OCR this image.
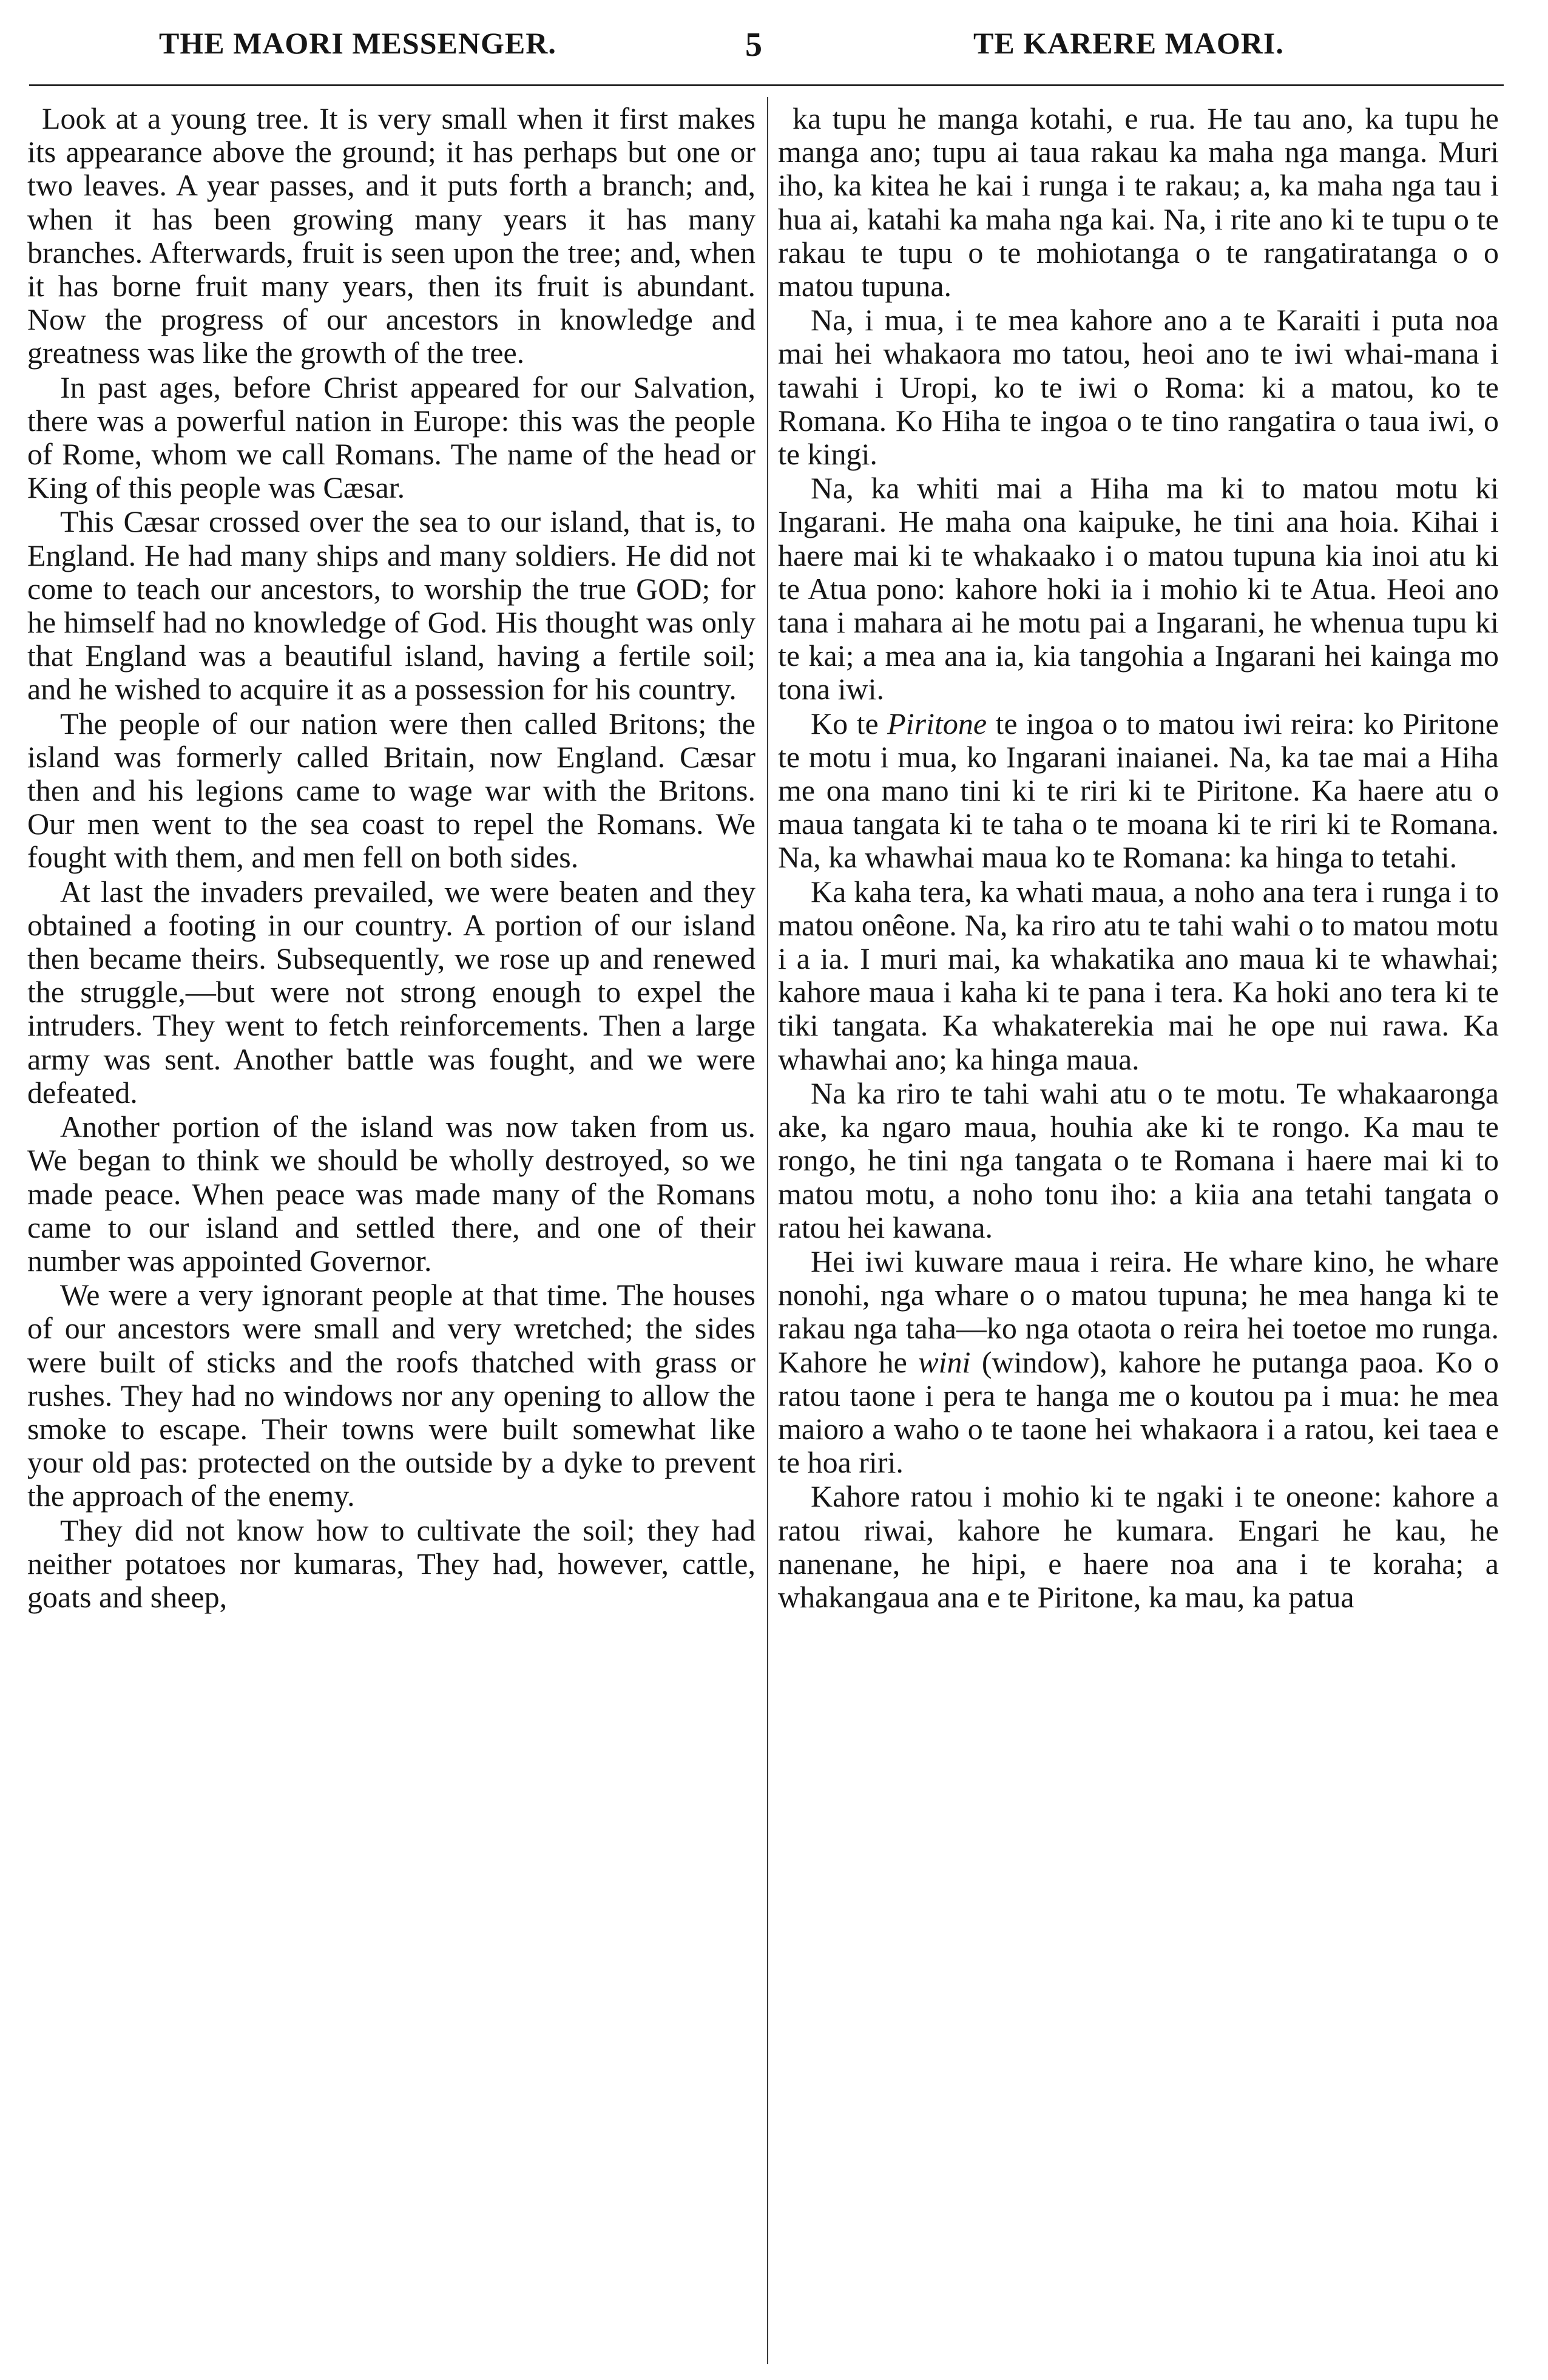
THE MAORI MESSENGER.	5	TE KARERE MAORI.

Look at a young tree. It is very small when it first makes its appearance above the ground; it has perhaps but one or two leaves. A year passes, and it puts forth a branch; and, when it has been growing many years it has many branches. Afterwards, fruit is seen upon the tree; and, when it has borne fruit many years, then its fruit is abundant. Now the progress of our ancestors in knowledge and greatness was like the growth of the tree.

In past ages, before Christ appeared for our Salvation, there was a powerful nation in Europe: this was the people of Rome, whom we call Romans. The name of the head or King of this people was Cæsar.

This Cæsar crossed over the sea to our island, that is, to England. He had many ships and many soldiers. He did not come to teach our ancestors, to worship the true GOD; for he himself had no knowledge of God. His thought was only that England was a beautiful island, having a fertile soil; and he wished to acquire it as a possession for his country.

The people of our nation were then called Britons; the island was formerly called Britain, now England. Cæsar then and his legions came to wage war with the Britons. Our men went to the sea coast to repel the Romans. We fought with them, and men fell on both sides.

At last the invaders prevailed, we were beaten and they obtained a footing in our country. A portion of our island then became theirs. Subsequently, we rose up and renewed the struggle,—but were not strong enough to expel the intruders. They went to fetch reinforcements. Then a large army was sent. Another battle was fought, and we were defeated.

Another portion of the island was now taken from us. We began to think we should be wholly destroyed, so we made peace. When peace was made many of the Romans came to our island and settled there, and one of their number was appointed Governor.

We were a very ignorant people at that time. The houses of our ancestors were small and very wretched; the sides were built of sticks and the roofs thatched with grass or rushes. They had no windows nor any opening to allow the smoke to escape. Their towns were built somewhat like your old pas: protected on the outside by a dyke to prevent the approach of the enemy.

They did not know how to cultivate the soil; they had neither potatoes nor kumaras, They had, however, cattle, goats and sheep,

ka tupu he manga kotahi, e rua. He tau ano, ka tupu he manga ano; tupu ai taua rakau ka maha nga manga. Muri iho, ka kitea he kai i runga i te rakau; a, ka maha nga tau i hua ai, katahi ka maha nga kai. Na, i rite ano ki te tupu o te rakau te tupu o te mohiotanga o te rangatiratanga o o matou tupuna.

Na, i mua, i te mea kahore ano a te Karaiti i puta noa mai hei whakaora mo tatou, heoi ano te iwi whai-mana i tawahi i Uropi, ko te iwi o Roma: ki a matou, ko te Romana. Ko Hiha te ingoa o te tino rangatira o taua iwi, o te kingi.

Na, ka whiti mai a Hiha ma ki to matou motu ki Ingarani. He maha ona kaipuke, he tini ana hoia. Kihai i haere mai ki te whakaako i o matou tupuna kia inoi atu ki te Atua pono: kahore hoki ia i mohio ki te Atua. Heoi ano tana i mahara ai he motu pai a Ingarani, he whenua tupu ki te kai; a mea ana ia, kia tangohia a Ingarani hei kainga mo tona iwi.

Ko te Piritone te ingoa o to matou iwi reira: ko Piritone te motu i mua, ko Ingarani inaianei. Na, ka tae mai a Hiha me ona mano tini ki te riri ki te Piritone. Ka haere atu o maua tangata ki te taha o te moana ki te riri ki te Romana. Na, ka whawhai maua ko te Romana: ka hinga to tetahi.

Ka kaha tera, ka whati maua, a noho ana tera i runga i to matou onêone. Na, ka riro atu te tahi wahi o to matou motu i a ia. I muri mai, ka whakatika ano maua ki te whawhai; kahore maua i kaha ki te pana i tera. Ka hoki ano tera ki te tiki tangata. Ka whakaterekia mai he ope nui rawa. Ka whawhai ano; ka hinga maua.

Na ka riro te tahi wahi atu o te motu. Te whakaaronga ake, ka ngaro maua, houhia ake ki te rongo. Ka mau te rongo, he tini nga tangata o te Romana i haere mai ki to matou motu, a noho tonu iho: a kiia ana tetahi tangata o ratou hei kawana.

Hei iwi kuware maua i reira. He whare kino, he whare nonohi, nga whare o o matou tupuna; he mea hanga ki te rakau nga taha—ko nga otaota o reira hei toetoe mo runga. Kahore he wini (window), kahore he putanga paoa. Ko o ratou taone i pera te hanga me o koutou pa i mua: he mea maioro a waho o te taone hei whakaora i a ratou, kei taea e te hoa riri.

Kahore ratou i mohio ki te ngaki i te oneone: kahore a ratou riwai, kahore he kumara. Engari he kau, he nanenane, he hipi, e haere noa ana i te koraha; a whakangaua ana e te Piritone, ka mau, ka patua
